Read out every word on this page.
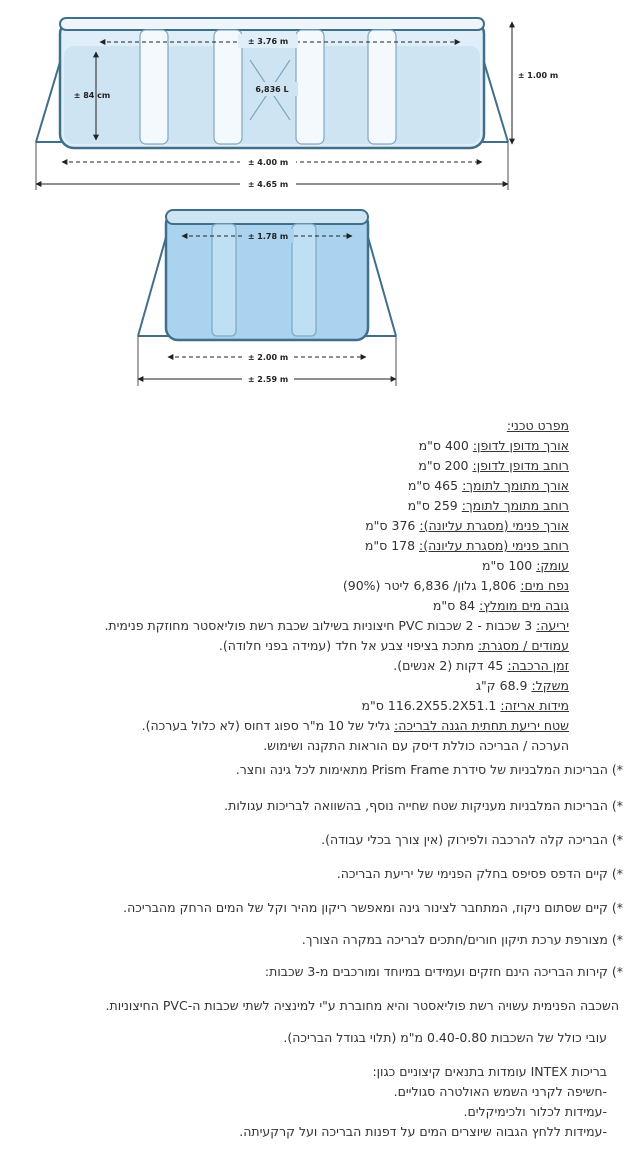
± 3.76 m
± 84 cm
6,836 L
± 1.00 m
± 4.00 m
± 4.65 m
± 1.78 m
± 2.00 m
± 2.59 m
מפרט טכני:
אורך מדופן לדופן: 400 ס"מ
רוחב מדופן לדופן: 200 ס"מ
אורך מתומך לתומך: 465 ס"מ
רוחב מתומך לתומך: 259 ס"מ
אורך פנימי (מסגרת עליונה): 376 ס"מ
רוחב פנימי (מסגרת עליונה): 178 ס"מ
עומק: 100 ס"מ
נפח מים: 1,806 גלון/ 6,836 ליטר (90%)
גובה מים מומלץ: 84 ס"מ
יריעה: 3 שכבות - 2 שכבות PVC חיצוניות בשילוב שכבת רשת פוליאסטר מחוזקת פנימית.
עמודים / מסגרת: מתכת בציפוי צבע אל חלד (עמידה בפני חלודה).
זמן הרכבה: 45 דקות (2 אנשים).
משקל: 68.9 ק"ג
מידות אריזה: 116.2X55.2X51.1 ס"מ
שטח יריעת תחתית הגנה לבריכה: גליל של 10 מ"ר ספוג דחוס (לא כלול בערכה).
הערכה / הבריכה כוללת דיסק עם הוראות התקנה ושימוש.
*) הבריכות המלבניות של סידרת Prism Frame מתאימות לכל גינה וחצר.
*) הבריכות המלבניות מעניקות שטח שחייה נוסף, בהשוואה לבריכות עגולות.
*) הבריכה קלה להרכבה ולפירוק (אין צורך בכלי עבודה).
*) קיים הדפס פסיפס בחלק הפנימי של יריעת הבריכה.
*) קיים שסתום ניקוז, המתחבר לצינור גינה ומאפשר ריקון מהיר וקל של המים הרחק מהבריכה.
*) מצורפת ערכת תיקון חורים/חתכים לבריכה במקרה הצורך.
*) קירות הבריכה הינם חזקים ועמידים במיוחד ומורכבים מ-3 שכבות:
השכבה הפנימית עשויה רשת פוליאסטר והיא מחוברת ע"י למינציה לשתי שכבות ה-PVC החיצוניות.
עובי כולל של השכבות 0.40-0.80 מ"מ (תלוי בגודל הבריכה).
בריכות INTEX עומדות בתנאים קיצוניים כגון:
-חשיפה לקרני השמש האולטרה סגוליים.
-עמידות לכלור ולכימיקלים.
-עמידות ללחץ הגבוה שיוצרים המים על דפנות הבריכה ועל קרקעיתה.
